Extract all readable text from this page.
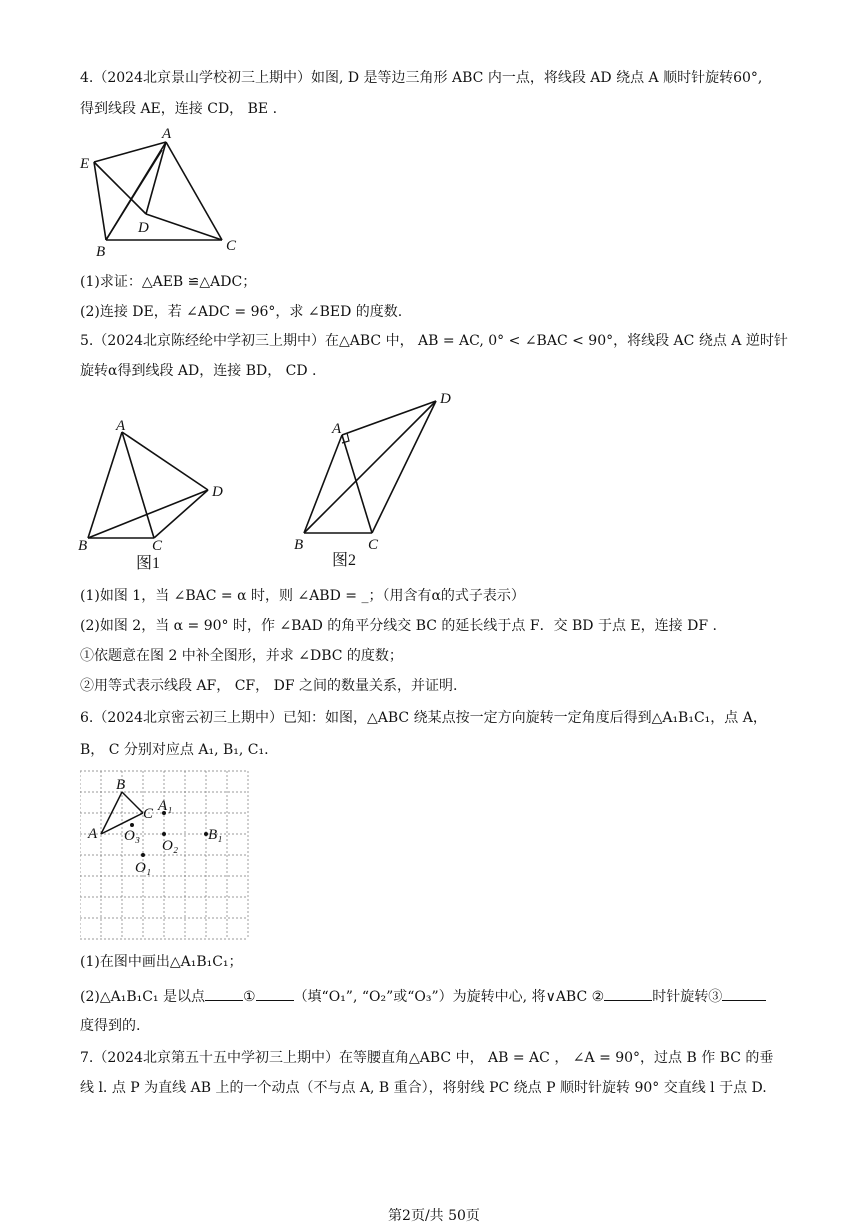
4.（2024北京景山学校初三上期中）如图, D 是等边三角形 ABC 内一点，将线段 AD 绕点 A 顺时针旋转60°,
得到线段 AE，连接 CD， BE .
A
E
D
B	C
(1)求证：△AEB ≌△ADC；
(2)连接 DE，若 ∠ADC = 96°，求 ∠BED 的度数.
5.（2024北京陈经纶中学初三上期中）在△ABC 中， AB = AC, 0° < ∠BAC < 90°，将线段 AC 绕点 A 逆时针
旋转α得到线段 AD，连接 BD， CD .
A
B	C
D
图1
A
D
B	C
图2
(1)如图 1，当 ∠BAC = α 时，则 ∠ABD = _；（用含有α的式子表示）
(2)如图 2，当 α = 90° 时，作 ∠BAD 的角平分线交 BC 的延长线于点 F．交 BD 于点 E，连接 DF .
①依题意在图 2 中补全图形，并求 ∠DBC 的度数；
②用等式表示线段 AF， CF， DF 之间的数量关系，并证明.
6.（2024北京密云初三上期中）已知：如图，△ABC 绕某点按一定方向旋转一定角度后得到△A₁B₁C₁，点 A，
B， C 分别对应点 A₁, B₁, C₁.
B
C
A
A₁
B₁
O₃
O₂
O₁
(1)在图中画出△A₁B₁C₁；
(2)△A₁B₁C₁ 是以点	①	（填“O₁”, “O₂”或“O₃”）为旋转中心, 将∨ABC ②	时针旋转③
度得到的.
7.（2024北京第五十五中学初三上期中）在等腰直角△ABC 中， AB = AC ， ∠A = 90°，过点 B 作 BC 的垂
线 l. 点 P 为直线 AB 上的一个动点（不与点 A, B 重合），将射线 PC 绕点 P 顺时针旋转 90° 交直线 l 于点 D.
第2页/共 50页
